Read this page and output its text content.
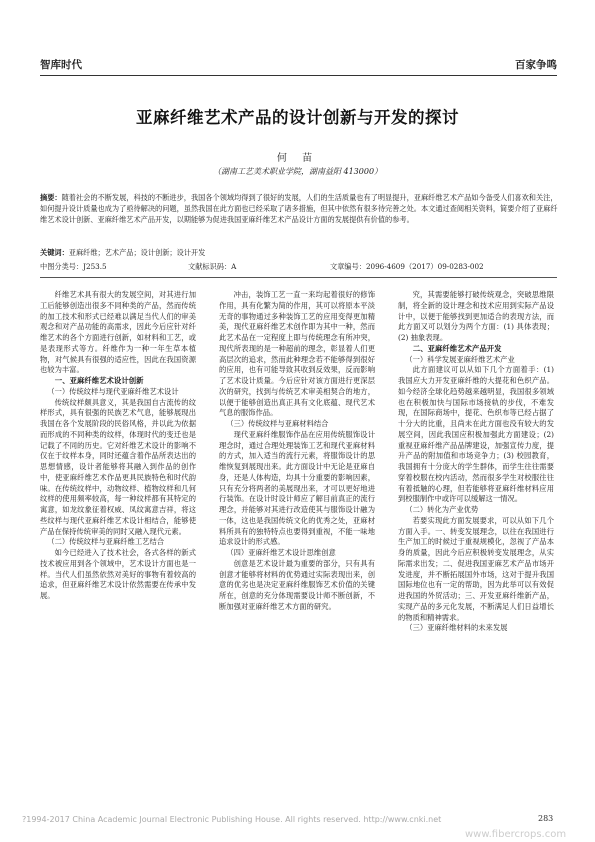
智库时代	百家争鸣
亚麻纤维艺术产品的设计创新与开发的探讨
何 苗
（湖南工艺美术职业学院，湖南益阳 413000）
摘要：随着社会的不断发展，科技的不断进步，我国各个领域均得到了很好的发展，人们的生活质量也有了明显提升，亚麻纤维艺术产品如今备受人们喜欢和关注，如何提升设计质量也成为了亟待解决的问题，虽然我国在此方面也已经采取了诸多措施，但其中依然有很多待完善之处。本文通过查阅相关资料，简要介绍了亚麻纤维艺术设计创新、亚麻纤维艺术产品开发，以期能够为促进我国亚麻纤维艺术产品设计方面的发展提供有价值的参考。
关键词：亚麻纤维；艺术产品；设计创新；设计开发
中图分类号：J253.5	文献标识码：A	文章编号：2096-4609（2017）09-0283-002

纤维艺术具有很大的发展空间，对其进行加工后能够创造出很多不同种类的产品，然而传统的加工技术和形式已经难以满足当代人们的审美观念和对产品功能的高需求，因此今后应针对纤维艺术的各个方面进行创新，如材料和工艺，或是表现形式等方。纤维作为一种一年生草本植物，对气候具有很强的适应性，因此在我国资源也较为丰富。

一、亚麻纤维艺术设计创新
（一）传统纹样与现代亚麻纤维艺术设计

传统纹样颇具意义，其是我国自古流传的纹样形式，具有很强的民族艺术气息，能够展现出我国在各个发展阶段的民俗风格，并以此为依据而形成的不同种类的纹样，体现时代的变迁也是记载了不同的历史。它对纤维艺术设计的影响不仅在于纹样本身，同时还蕴含着作品所表达出的思想情感，设计者能够将其融入到作品的创作中，使亚麻纤维艺术作品更具民族特色和时代韵味。在传统纹样中，动物纹样、植物纹样和几何纹样的使用频率较高，每一种纹样都有其特定的寓意，如龙纹象征着权威、凤纹寓意吉祥，将这些纹样与现代亚麻纤维艺术设计相结合，能够使产品在保持传统审美的同时又融入现代元素。

（二）传统纹样与亚麻纤维工艺结合

如今已经进入了技术社会，各式各样的新式技术被应用到各个领域中，艺术设计方面也是一样。当代人们虽然依然对美好的事物有着较高的追求，但亚麻纤维艺术设计依然需要在传承中发展。

冲击，装饰工艺一直一来均起着很好的修饰作用，具有化繁为简的作用，其可以将原本平淡无奇的事物通过多种装饰工艺的应用变得更加精美，现代亚麻纤维艺术创作即为其中一种，然而此艺术品在一定程度上即与传统理念有所冲突，现代所表现的是一种超前的理念，彰显着人们更高层次的追求，然而此种理念若不能够得到很好的应用，也有可能导致其收到反效果，反而影响了艺术设计质量。今后应针对该方面进行更深层次的研究，找到与传统艺术审美相契合的地方，以便于能够创造出真正具有文化底蕴、现代艺术气息的服饰作品。

（三）传统纹样与亚麻材料结合

现代亚麻纤维服饰作品在应用传统服饰设计理念时，通过合理处理装饰工艺和现代亚麻材料的方式，加入适当的流行元素，将服饰设计的思维恢复到展现出来。此方面设计中无论是亚麻自身，还是人体构造，均具十分重要的影响因素，只有充分将两者的美展现出来，才可以更好地进行装饰。在设计时设计师应了解目前真正的流行理念，并能够对其进行改造使其与服饰设计融为一体，这也是我国传统文化的优秀之处，亚麻材料所具有的独特特点也要得到重视，不能一味地追求设计的形式感。

（四）亚麻纤维艺术设计思维创意

创意是艺术设计最为重要的部分，只有具有创意才能够将材料的优势通过实际表现出来，创意的优劣也是决定亚麻纤维服饰艺术价值的关键所在，创意的充分体现需要设计师不断创新，不断加强对亚麻纤维艺术方面的研究。

究，其需要能够打破传统观念，突破思维限制，将全新的设计理念和技术应用到实际产品设计中，以便于能够找到更加适合的表现方法，而此方面又可以划分为两个方面：(1) 具体表现；(2) 抽象表现。

二、亚麻纤维艺术产品开发
（一）科学发展亚麻纤维艺术产业

此方面建议可以从如下几个方面着手：(1) 我国应大力开发亚麻纤维的大提花和色织产品。如今经济全球化趋势越来越明显，我国很多领域也在积极加快与国际市场接轨的步伐，不难发现，在国际商场中，提花、色织布等已经占据了十分大的比重，且尚未在此方面也没有较大的发展空间，因此我国应积极加强此方面建设；(2) 重视亚麻纤维产品品牌建设，加强宣传力度，提升产品的附加值和市场竞争力；(3) 校园教育，我国拥有十分庞大的学生群体，而学生往往需要穿着校服在校内活动，然而很多学生对校服往往有着抵触的心理，但若能够将亚麻纤维材料应用到校服制作中或许可以缓解这一情况。

（二）转化为产业优势

若要实现此方面发展要求，可以从如下几个方面入手。一、转变发展理念，以往在我国进行生产加工的时候过于重视规模化，忽视了产品本身的质量，因此今后应积极转变发展理念，从实际需求出发；二、促进我国亚麻艺术产品市场开发进度，并不断拓展国外市场，这对于提升我国国际地位也有一定的帮助，因为此举可以有效促进我国的外贸活动；三、开发亚麻纤维新产品，实现产品的多元化发展，不断满足人们日益增长的物质和精神需求。

（三）亚麻纤维材料的未来发展
?1994-2017 China Academic Journal Electronic Publishing House. All rights reserved. http://www.cnki.net	283
www.fibercrops.com
